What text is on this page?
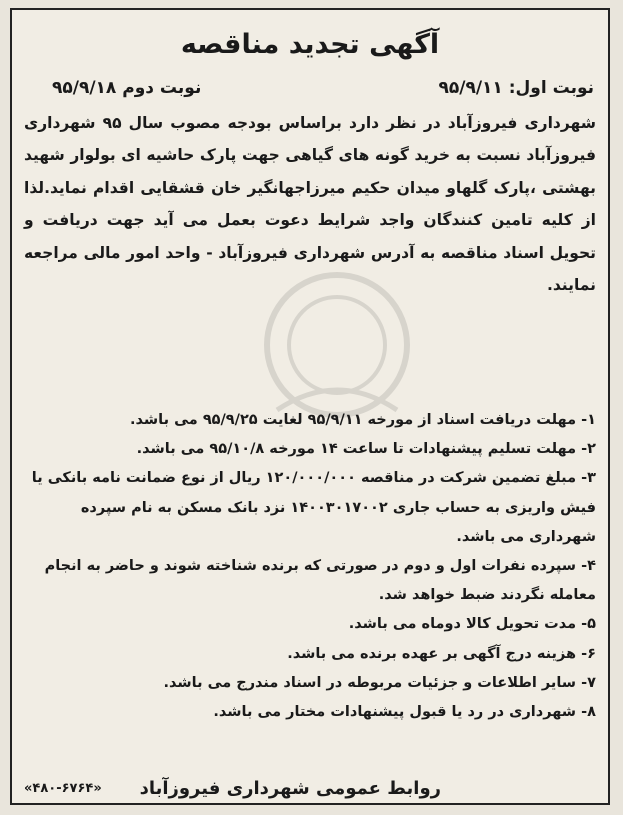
آگهی تجدید مناقصه
نوبت اول: ۹۵/۹/۱۱
نوبت دوم ۹۵/۹/۱۸
شهرداری فیروزآباد در نظر دارد براساس بودجه مصوب سال ۹۵ شهرداری فیروزآباد نسبت به خرید گونه های گیاهی جهت پارک حاشیه ای بولوار شهید بهشتی ،پارک گلهاو میدان حکیم میرزاجهانگیر خان قشقایی اقدام نماید.لذا از کلیه تامین کنندگان واجد شرایط دعوت بعمل می آید جهت دریافت و تحویل اسناد مناقصه به آدرس شهرداری فیروزآباد - واحد امور مالی مراجعه نمایند.
۱- مهلت دریافت اسناد از مورخه ۹۵/۹/۱۱ لغایت ۹۵/۹/۲۵ می باشد.
۲- مهلت تسلیم پیشنهادات تا ساعت ۱۴ مورخه ۹۵/۱۰/۸ می باشد.
۳- مبلغ تضمین شرکت در مناقصه ۱۲۰/۰۰۰/۰۰۰ ریال از نوع ضمانت نامه بانکی یا فیش واریزی به حساب جاری ۱۴۰۰۳۰۱۷۰۰۲ نزد بانک مسکن به نام سپرده شهرداری می باشد.
۴- سپرده نفرات اول و دوم در صورتی که برنده شناخته شوند و حاضر به انجام معامله نگردند ضبط خواهد شد.
۵- مدت تحویل کالا دوماه می باشد.
۶- هزینه درج آگهی بر عهده برنده می باشد.
۷- سایر اطلاعات و جزئیات مربوطه در اسناد مندرج می باشد.
۸- شهرداری در رد یا قبول پیشنهادات مختار می باشد.
روابط عمومی شهرداری فیروزآباد
«۴۸۰-۶۷۶۴»
